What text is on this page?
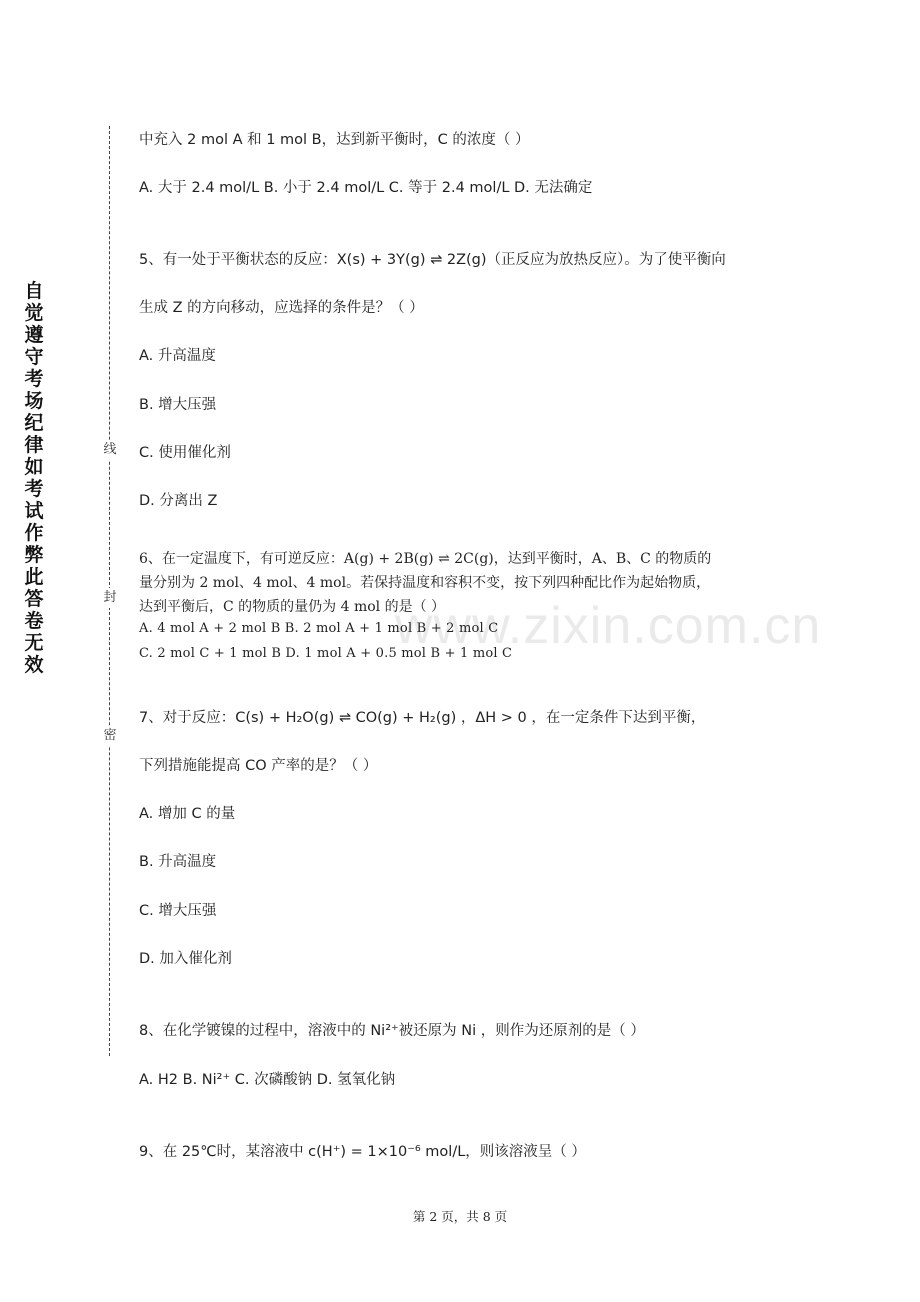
自觉遵守考场纪律如考试作弊此答卷无效
线
封
密
www.zixin.com.cn
中充入 2 mol A 和 1 mol B，达到新平衡时，C 的浓度（ ）
A. 大于 2.4 mol/L B. 小于 2.4 mol/L C. 等于 2.4 mol/L D. 无法确定
5、有一处于平衡状态的反应：X(s) + 3Y(g) ⇌ 2Z(g)（正反应为放热反应）。为了使平衡向
生成 Z 的方向移动，应选择的条件是？（ ）
A. 升高温度
B. 增大压强
C. 使用催化剂
D. 分离出 Z
6、在一定温度下，有可逆反应：A(g) + 2B(g) ⇌ 2C(g)，达到平衡时，A、B、C 的物质的
量分别为 2 mol、4 mol、4 mol。若保持温度和容积不变，按下列四种配比作为起始物质，
达到平衡后，C 的物质的量仍为 4 mol 的是（ ）
A. 4 mol A + 2 mol B B. 2 mol A + 1 mol B + 2 mol C
C. 2 mol C + 1 mol B D. 1 mol A + 0.5 mol B + 1 mol C
7、对于反应：C(s) + H₂O(g) ⇌ CO(g) + H₂(g) ，ΔH > 0 ，在一定条件下达到平衡，
下列措施能提高 CO 产率的是？（ ）
A. 增加 C 的量
B. 升高温度
C. 增大压强
D. 加入催化剂
8、在化学镀镍的过程中，溶液中的 Ni²⁺被还原为 Ni ，则作为还原剂的是（ ）
A. H2 B. Ni²⁺ C. 次磷酸钠 D. 氢氧化钠
9、在 25℃时，某溶液中 c(H⁺) = 1×10⁻⁶ mol/L，则该溶液呈（ ）
第 2 页，共 8 页
